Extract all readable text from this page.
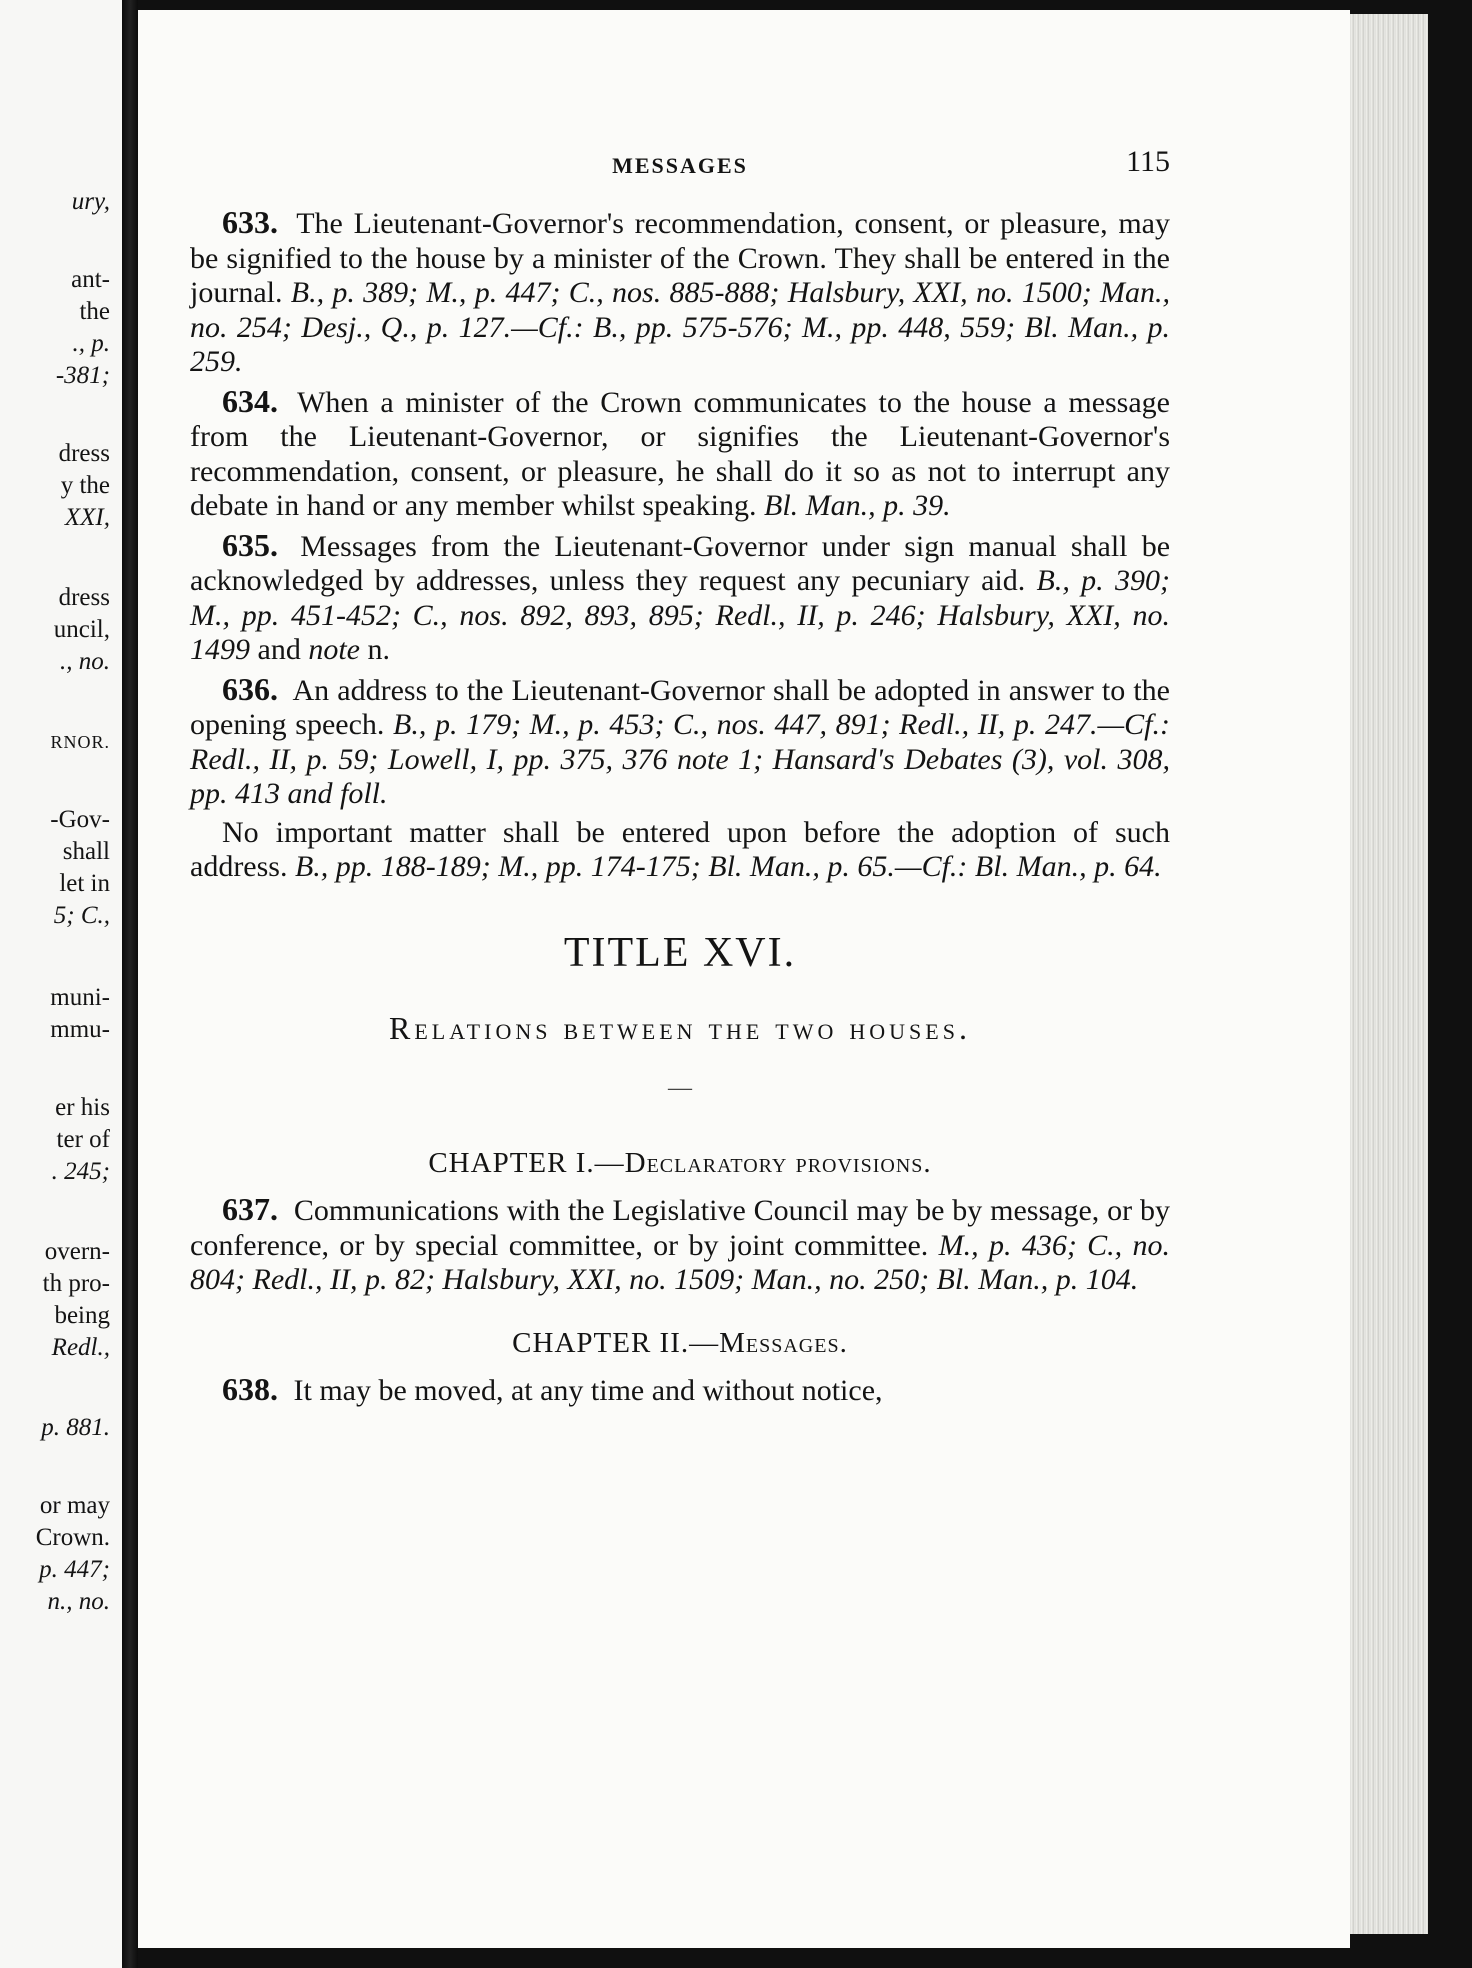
ury,
ant-
the
., p.
-381;
dress
y the
XXI,
dress
uncil,
., no.
RNOR.
-Gov-
shall
let in
5; C.,
muni-
mmu-
er his
ter of
. 245;
overn-
th pro-
being
Redl.,
p. 881.
or may
Crown.
p. 447;
n., no.
MESSAGES	115

633. The Lieutenant-Governor's recommendation, consent, or pleasure, may be signified to the house by a minister of the Crown. They shall be entered in the journal. B., p. 389; M., p. 447; C., nos. 885-888; Halsbury, XXI, no. 1500; Man., no. 254; Desj., Q., p. 127.—Cf.: B., pp. 575-576; M., pp. 448, 559; Bl. Man., p. 259.

634. When a minister of the Crown communicates to the house a message from the Lieutenant-Governor, or signifies the Lieutenant-Governor's recommendation, consent, or pleasure, he shall do it so as not to interrupt any debate in hand or any member whilst speaking. Bl. Man., p. 39.

635. Messages from the Lieutenant-Governor under sign manual shall be acknowledged by addresses, unless they request any pecuniary aid. B., p. 390; M., pp. 451-452; C., nos. 892, 893, 895; Redl., II, p. 246; Halsbury, XXI, no. 1499 and note n.

636. An address to the Lieutenant-Governor shall be adopted in answer to the opening speech. B., p. 179; M., p. 453; C., nos. 447, 891; Redl., II, p. 247.—Cf.: Redl., II, p. 59; Lowell, I, pp. 375, 376 note 1; Hansard's Debates (3), vol. 308, pp. 413 and foll.

No important matter shall be entered upon before the adoption of such address. B., pp. 188-189; M., pp. 174-175; Bl. Man., p. 65.—Cf.: Bl. Man., p. 64.

TITLE XVI.
Relations between the two houses.
—
CHAPTER I.—Declaratory provisions.

637. Communications with the Legislative Council may be by message, or by conference, or by special committee, or by joint committee. M., p. 436; C., no. 804; Redl., II, p. 82; Halsbury, XXI, no. 1509; Man., no. 250; Bl. Man., p. 104.

CHAPTER II.—Messages.

638. It may be moved, at any time and without notice,
